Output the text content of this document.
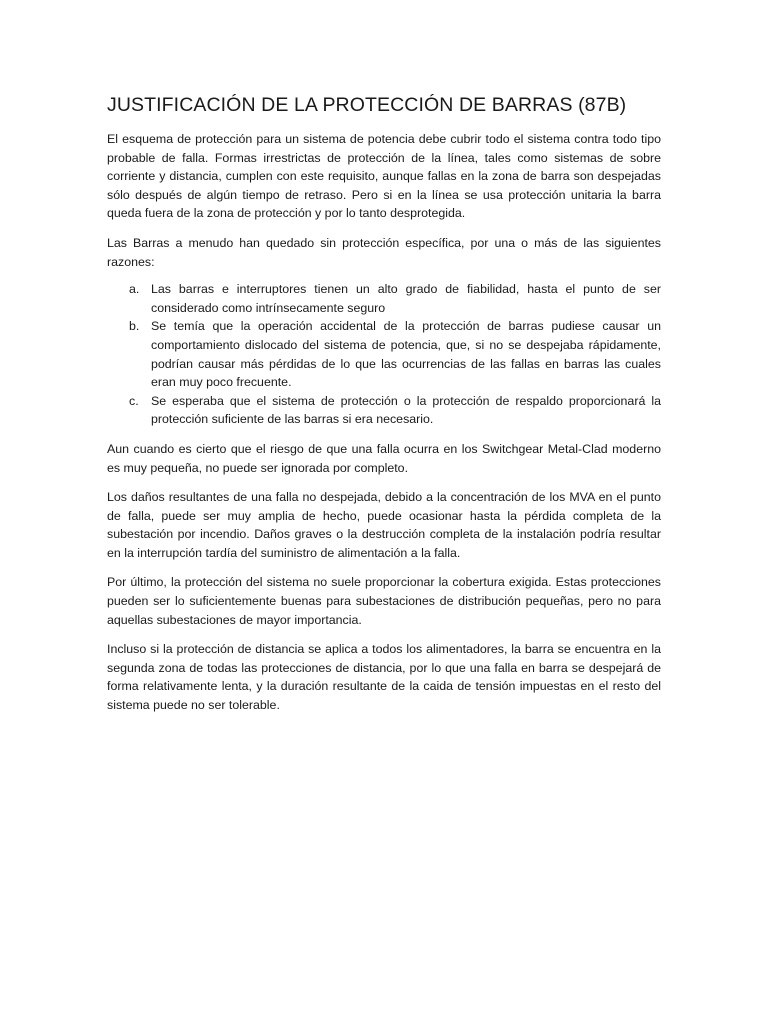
JUSTIFICACIÓN DE LA PROTECCIÓN DE BARRAS (87B)

El esquema de protección para un sistema de potencia debe cubrir todo el sistema contra todo tipo probable de falla. Formas irrestrictas de protección de la línea, tales como sistemas de sobre corriente y distancia, cumplen con este requisito, aunque fallas en la zona de barra son despejadas sólo después de algún tiempo de retraso. Pero si en la línea se usa protección unitaria la barra queda fuera de la zona de protección y por lo tanto desprotegida.

Las Barras a menudo han quedado sin protección específica, por una o más de las siguientes razones:

a. Las barras e interruptores tienen un alto grado de fiabilidad, hasta el punto de ser considerado como intrínsecamente seguro
b. Se temía que la operación accidental de la protección de barras pudiese causar un comportamiento dislocado del sistema de potencia, que, si no se despejaba rápidamente, podrían causar más pérdidas de lo que las ocurrencias de las fallas en barras las cuales eran muy poco frecuente.
c. Se esperaba que el sistema de protección o la protección de respaldo proporcionará la protección suficiente de las barras si era necesario.

Aun cuando es cierto que el riesgo de que una falla ocurra en los Switchgear Metal-Clad moderno es muy pequeña, no puede ser ignorada por completo.

Los daños resultantes de una falla no despejada, debido a la concentración de los MVA en el punto de falla, puede ser muy amplia de hecho, puede ocasionar hasta la pérdida completa de la subestación por incendio. Daños graves o la destrucción completa de la instalación podría resultar en la interrupción tardía del suministro de alimentación a la falla.

Por último, la protección del sistema no suele proporcionar la cobertura exigida. Estas protecciones pueden ser lo suficientemente buenas para subestaciones de distribución pequeñas, pero no para aquellas subestaciones de mayor importancia.

Incluso si la protección de distancia se aplica a todos los alimentadores, la barra se encuentra en la segunda zona de todas las protecciones de distancia, por lo que una falla en barra se despejará de forma relativamente lenta, y la duración resultante de la caida de tensión impuestas en el resto del sistema puede no ser tolerable.
